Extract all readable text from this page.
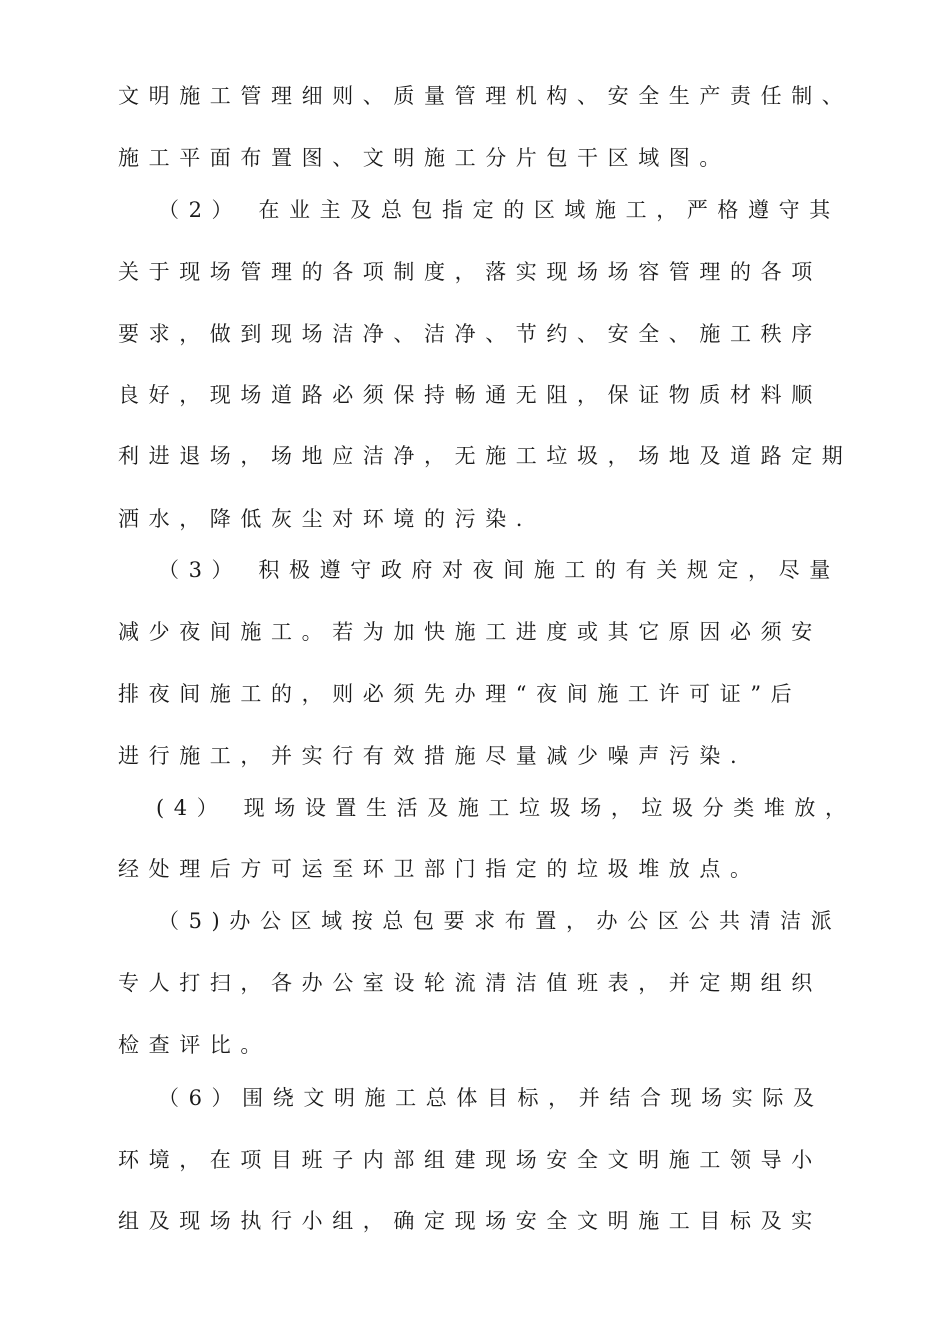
文明施工管理细则、质量管理机构、安全生产责任制、
施工平面布置图、文明施工分片包干区域图。
（2） 在业主及总包指定的区域施工，严格遵守其
关于现场管理的各项制度，落实现场场容管理的各项
要求，做到现场洁净、洁净、节约、安全、施工秩序
良好，现场道路必须保持畅通无阻，保证物质材料顺
利进退场，场地应洁净，无施工垃圾，场地及道路定期
洒水，降低灰尘对环境的污染.
（3） 积极遵守政府对夜间施工的有关规定，尽量
减少夜间施工。若为加快施工进度或其它原因必须安
排夜间施工的，则必须先办理“夜间施工许可证”后
进行施工，并实行有效措施尽量减少噪声污染.
(4） 现场设置生活及施工垃圾场，垃圾分类堆放，
经处理后方可运至环卫部门指定的垃圾堆放点。
（5)办公区域按总包要求布置，办公区公共清洁派
专人打扫，各办公室设轮流清洁值班表，并定期组织
检查评比。
（6）围绕文明施工总体目标，并结合现场实际及
环境，在项目班子内部组建现场安全文明施工领导小
组及现场执行小组，确定现场安全文明施工目标及实
